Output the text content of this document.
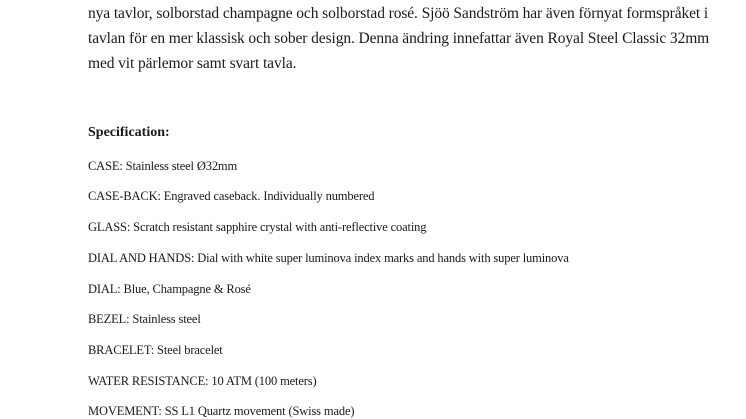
nya tavlor, solborstad champagne och solborstad rosé. Sjöö Sandström har även förnyat formspråket i
tavlan för en mer klassisk och sober design. Denna ändring innefattar även Royal Steel Classic 32mm
med vit pärlemor samt svart tavla.
Specification:
CASE: Stainless steel Ø32mm
CASE-BACK: Engraved caseback. Individually numbered
GLASS: Scratch resistant sapphire crystal with anti-reflective coating
DIAL AND HANDS: Dial with white super luminova index marks and hands with super luminova
DIAL: Blue, Champagne & Rosé
BEZEL: Stainless steel
BRACELET: Steel bracelet
WATER RESISTANCE: 10 ATM (100 meters)
MOVEMENT: SS L1 Quartz movement (Swiss made)
